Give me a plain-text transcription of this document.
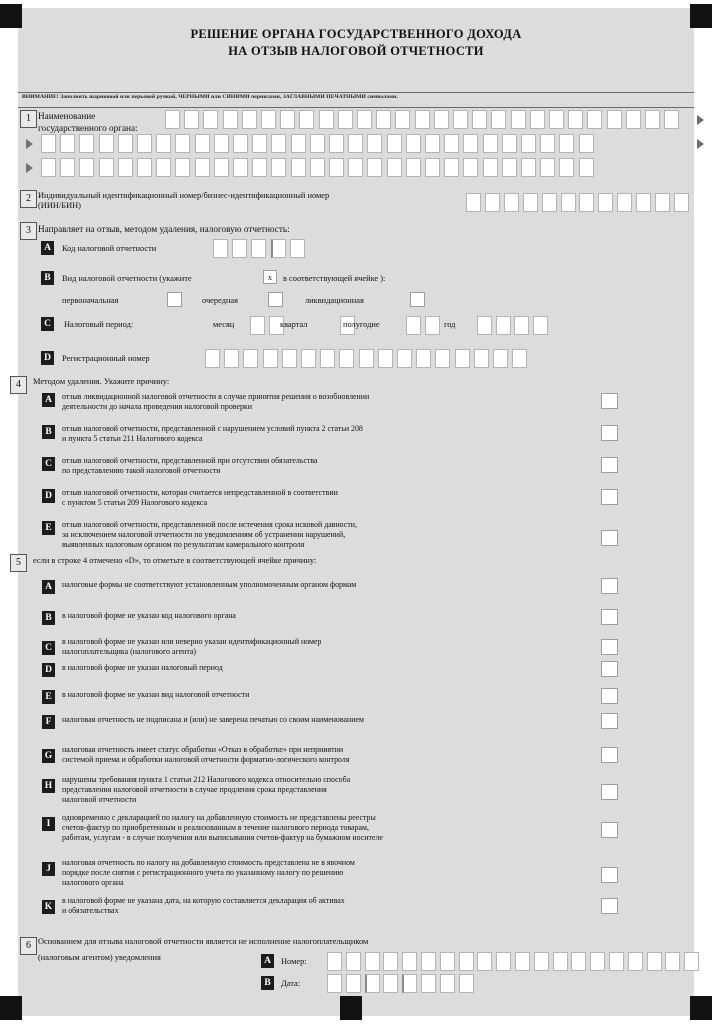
РЕШЕНИЕ ОРГАНА ГОСУДАРСТВЕННОГО ДОХОДА
НА ОТЗЫВ НАЛОГОВОЙ ОТЧЕТНОСТИ
ВНИМАНИЕ! Заполнять шариковой или перьевой ручкой, ЧЕРНЫМИ или СИНИМИ чернилами, ЗАГЛАВНЫМИ ПЕЧАТНЫМИ символами.
1 Наименование
государственного органа:
2 Индивидуальный идентификационный номер/бизнес-идентификационный номер
(ИИН/БИН)
3 Направляет на отзыв, методом удаления, налоговую отчетность:
A	Код налоговой отчетности
B	Вид налоговой отчетности (укажите	x	в соответствующей ячейке ):
первоначальная	очередная	ликвидационная
C	Налоговый период:	месяц	квартал	полугодие	год
D	Регистрационный номер
4	Методом удаления. Укажите причину:
A	отзыв ликвидационной налоговой отчетности в случае принятия решения о возобновлении
деятельности до начала проведения налоговой проверки
B	отзыв налоговой отчетности, представленной с нарушением условий пункта 2 статьи 208
и пункта 5 статьи 211 Налогового кодекса
C	отзыв налоговой отчетности, представленной при отсутствии обязательства
по представлению такой налоговой отчетности
D	отзыв налоговой отчетности, которая считается непредставленной в соответствии
с пунктом 5 статьи 209 Налогового кодекса
E	отзыв налоговой отчетности, представленной после истечения срока исковой давности,
за исключением налоговой отчетности по уведомлениям об устранении нарушений,
выявленных налоговым органом по результатам камерального контроля
5	если в строке 4 отмечено «D», то отметьте в соответствующей ячейке причину:
A	налоговые формы не соответствуют установленным уполномоченным органом формам
B	в налоговой форме не указан код налогового органа
C
в налоговой форме не указан или неверно указан идентификационный номер
налогоплательщика (налогового агента)
D	в налоговой форме не указан налоговый период
E	в налоговой форме не указан вид налоговой отчетности
F	налоговая отчетность не подписана и (или) не заверена печатью со своим наименованием
G
налоговая отчетность имеет статус обработки «Отказ в обработке» при неприиятии
системой приема и обработки налоговой отчетности форматно-логического контроля
H
нарушены требования пункта 1 статьи 212 Налогового кодекса относительно способа
представления налоговой отчетности в случае продления срока представления
налоговой отчетности
I
одновременно с декларацией по налогу на добавленную стоимость не представлены реестры
счетов-фактур по приобретенным и реализованным в течение налогового периода товарам,
работам, услугам - в случае получения или выписывания счетов-фактур на бумажном носителе
J
налоговая отчетность по налогу на добавленную стоимость представлена не в явочном
порядке после снятия с регистрационного учета по указанному налогу по решению
налогового органа
K
в налоговой форме не указана дата, на которую составляется декларация об активах
и обязательствах
6 Основанием для отзыва налоговой отчетности является не исполнение налогоплательщиком
(налоговым агентом) уведомления	A	Номер:
B	Дата:
